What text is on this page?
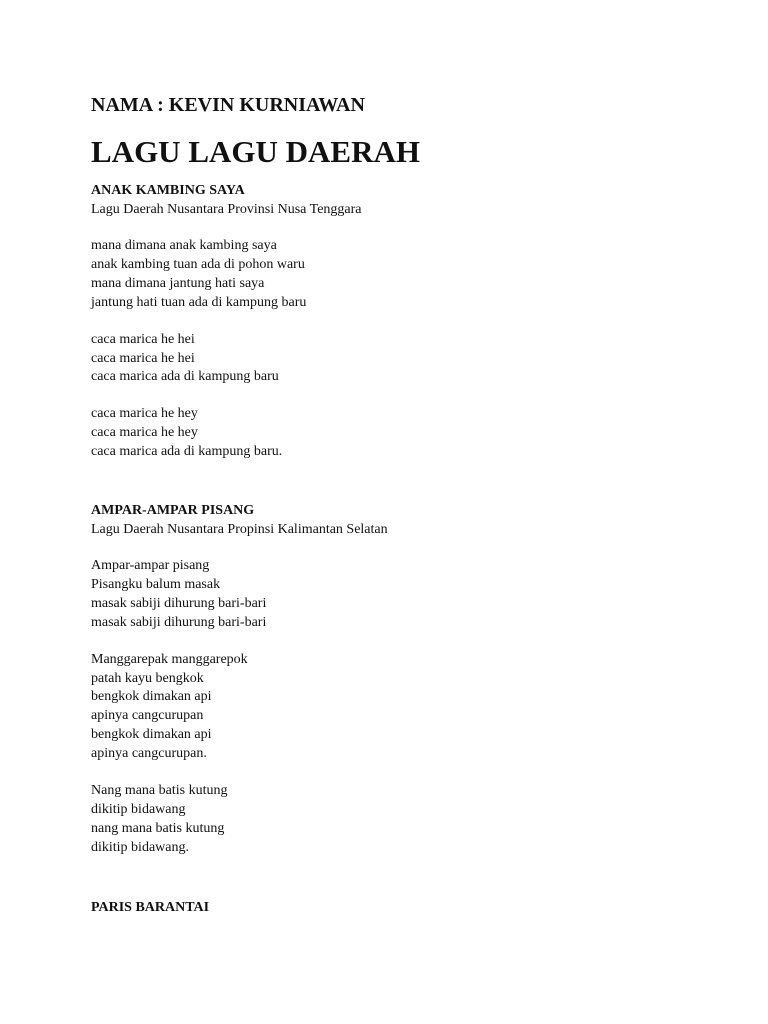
NAMA : KEVIN KURNIAWAN
LAGU LAGU DAERAH
ANAK KAMBING SAYA
Lagu Daerah Nusantara Provinsi Nusa Tenggara
mana dimana anak kambing saya
anak kambing tuan ada di pohon waru
mana dimana jantung hati saya
jantung hati tuan ada di kampung baru
caca marica he hei
caca marica he hei
caca marica ada di kampung baru
caca marica he hey
caca marica he hey
caca marica ada di kampung baru.
AMPAR-AMPAR PISANG
Lagu Daerah Nusantara Propinsi Kalimantan Selatan
Ampar-ampar pisang
Pisangku balum masak
masak sabiji dihurung bari-bari
masak sabiji dihurung bari-bari
Manggarepak manggarepok
patah kayu bengkok
bengkok dimakan api
apinya cangcurupan
bengkok dimakan api
apinya cangcurupan.
Nang mana batis kutung
dikitip bidawang
nang mana batis kutung
dikitip bidawang.
PARIS BARANTAI
